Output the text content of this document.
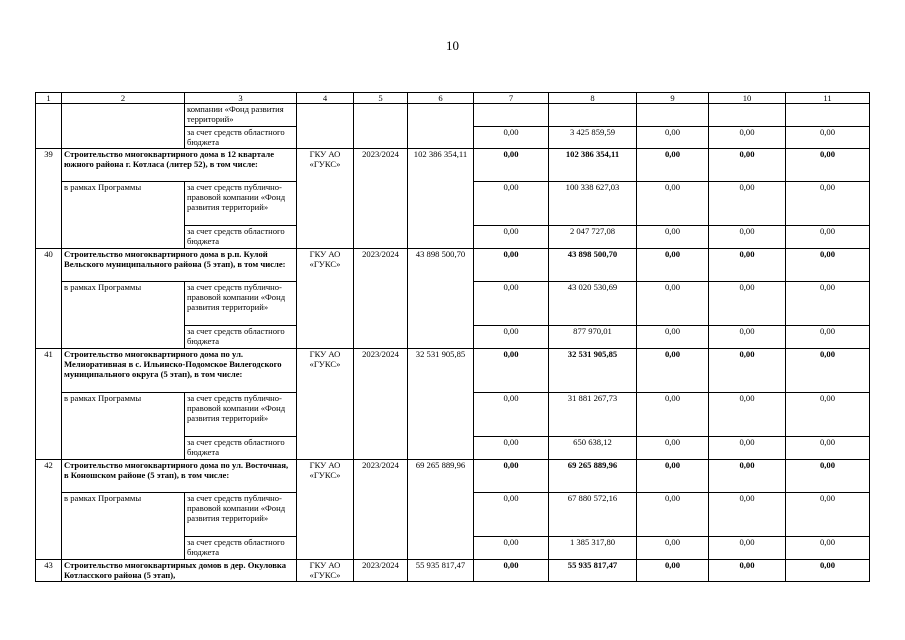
10
1	2	3	4	5	6	7	8	9	10	11
		компании «Фонд развития территорий»								
		за счет средств областного бюджета				0,00	3 425 859,59	0,00	0,00	0,00
39	Строительство многоквартирного дома в 12 квартале южного района г. Котласа (литер 52), в том числе:		ГКУ АО «ГУКС»	2023/2024	102 386 354,11	0,00	102 386 354,11	0,00	0,00	0,00
	в рамках Программы	за счет средств публично-правовой компании «Фонд развития территорий»				0,00	100 338 627,03	0,00	0,00	0,00
		за счет средств областного бюджета				0,00	2 047 727,08	0,00	0,00	0,00
40	Строительство многоквартирного дома в р.п. Кулой Вельского муниципального района (5 этап), в том числе:		ГКУ АО «ГУКС»	2023/2024	43 898 500,70	0,00	43 898 500,70	0,00	0,00	0,00
	в рамках Программы	за счет средств публично-правовой компании «Фонд развития территорий»				0,00	43 020 530,69	0,00	0,00	0,00
		за счет средств областного бюджета				0,00	877 970,01	0,00	0,00	0,00
41	Строительство многоквартирного дома по ул. Мелиоративная в с. Ильинско-Подомское Вилегодского муниципального округа (5 этап), в том числе:		ГКУ АО «ГУКС»	2023/2024	32 531 905,85	0,00	32 531 905,85	0,00	0,00	0,00
	в рамках Программы	за счет средств публично-правовой компании «Фонд развития территорий»				0,00	31 881 267,73	0,00	0,00	0,00
		за счет средств областного бюджета				0,00	650 638,12	0,00	0,00	0,00
42	Строительство многоквартирного дома по ул. Восточная, в Коношском районе (5 этап), в том числе:		ГКУ АО «ГУКС»	2023/2024	69 265 889,96	0,00	69 265 889,96	0,00	0,00	0,00
	в рамках Программы	за счет средств публично-правовой компании «Фонд развития территорий»				0,00	67 880 572,16	0,00	0,00	0,00
		за счет средств областного бюджета				0,00	1 385 317,80	0,00	0,00	0,00
43	Строительство многоквартирных домов в дер. Окуловка Котласского района (5 этап),		ГКУ АО «ГУКС»	2023/2024	55 935 817,47	0,00	55 935 817,47	0,00	0,00	0,00
